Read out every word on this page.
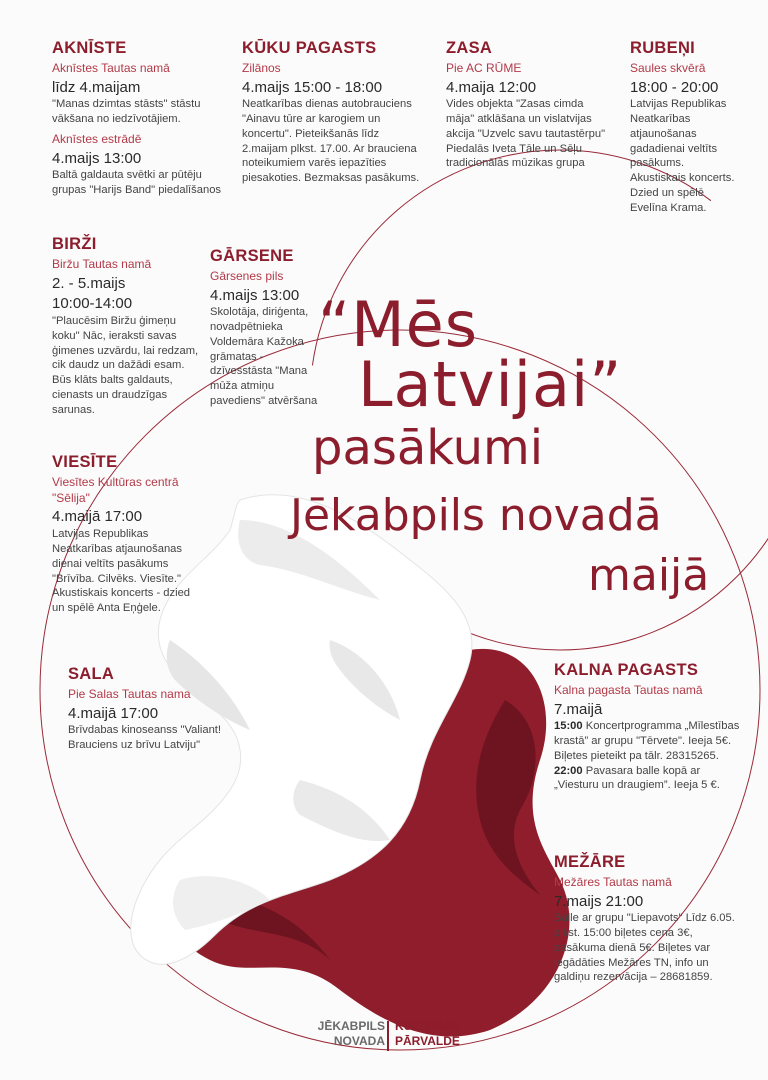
AKNĪSTE
Aknīstes Tautas namā
līdz 4.maijam
"Manas dzimtas stāsts" stāstu vākšana no iedzīvotājiem.
Aknīstes estrādē
4.maijs 13:00
Baltā galdauta svētki ar pūtēju grupas "Harijs Band" piedalīšanos
KŪKU PAGASTS
Zilānos
4.maijs 15:00 - 18:00
Neatkarības dienas autobrauciens "Ainavu tūre ar karogiem un koncertu". Pieteikšanās līdz 2.maijam plkst. 17.00. Ar brauciena noteikumiem varēs iepazīties piesakoties. Bezmaksas pasākums.
ZASA
Pie AC RŪME
4.maija 12:00
Vides objekta "Zasas cimda māja" atklāšana un vislatvijas akcija "Uzvelc savu tautastērpu" Piedalās Iveta Tāle un Sēļu tradicionālās mūzikas grupa
RUBEŅI
Saules skvērā
18:00 - 20:00
Latvijas Republikas Neatkarības atjaunošanas gadadienai veltīts pasākums. Akustiskais koncerts. Dzied un spēlē Evelīna Krama.
BIRŽI
Biržu Tautas namā
2. - 5.maijs
10:00-14:00
"Plaucēsim Biržu ģimeņu koku" Nāc, ieraksti savas ģimenes uzvārdu, lai redzam, cik daudz un dažādi esam. Būs klāts balts galdauts, cienasts un draudzīgas sarunas.
GĀRSENE
Gārsenes pils
4.maijs 13:00
Skolotāja, diriģenta, novadpētnieka Voldemāra Kažoka grāmatas - dzīvesstāsta "Mana mūža atmiņu pavediens" atvēršana
VIESĪTE
Viesītes Kultūras centrā "Sēlija"
4.maijā 17:00
Latvijas Republikas Neatkarības atjaunošanas dienai veltīts pasākums "Brīvība. Cilvēks. Viesīte." Akustiskais koncerts - dzied un spēlē Anta Eņģele.
SALA
Pie Salas Tautas nama
4.maijā 17:00
Brīvdabas kinoseanss "Valiant! Brauciens uz brīvu Latviju"
KALNA PAGASTS
Kalna pagasta Tautas namā
7.maijā
15:00 Koncertprogramma „Mīlestības krastā” ar grupu "Tērvete". Ieeja 5€. Biļetes pieteikt pa tālr. 28315265.
22:00 Pavasara balle kopā ar „Viesturu un draugiem”. Ieeja 5 €.
MEŽĀRE
Mežāres Tautas namā
7.maijs 21:00
Balle ar grupu "Liepavots" Līdz 6.05. plkst. 15:00 biļetes cena 3€, pasākuma dienā 5€. Biļetes var iegādāties Mežāres TN, info un galdiņu rezervācija – 28681859.
“Mēs
Latvijai”
pasākumi
Jēkabpils novadā
maijā
JĒKABPILS
NOVADA
KULTŪRAS
PĀRVALDE
